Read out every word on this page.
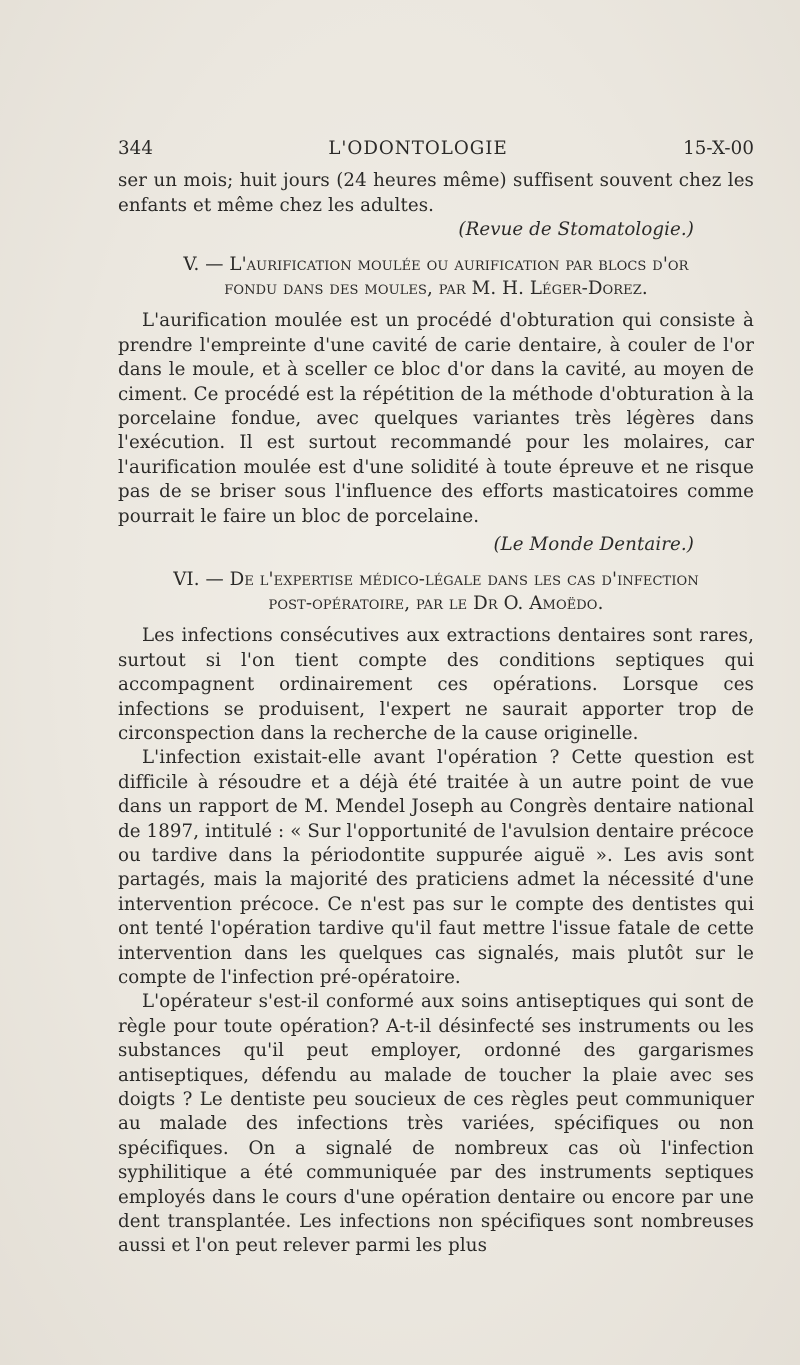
344	L'ODONTOLOGIE	15-X-00

ser un mois; huit jours (24 heures même) suffisent souvent chez les enfants et même chez les adultes.

(Revue de Stomatologie.)

V. — L'aurification moulée ou aurification par blocs d'or
fondu dans des moules, par M. H. Léger-Dorez.

L'aurification moulée est un procédé d'obturation qui consiste à prendre l'empreinte d'une cavité de carie dentaire, à couler de l'or dans le moule, et à sceller ce bloc d'or dans la cavité, au moyen de ciment. Ce procédé est la répétition de la méthode d'obturation à la porcelaine fondue, avec quelques variantes très légères dans l'exécution. Il est surtout recommandé pour les molaires, car l'aurification moulée est d'une solidité à toute épreuve et ne risque pas de se briser sous l'influence des efforts masticatoires comme pourrait le faire un bloc de porcelaine.

(Le Monde Dentaire.)

VI. — De l'expertise médico-légale dans les cas d'infection
post-opératoire, par le Dr O. Amoëdo.

Les infections consécutives aux extractions dentaires sont rares, surtout si l'on tient compte des conditions septiques qui accompagnent ordinairement ces opérations. Lorsque ces infections se produisent, l'expert ne saurait apporter trop de circonspection dans la recherche de la cause originelle.

L'infection existait-elle avant l'opération ? Cette question est difficile à résoudre et a déjà été traitée à un autre point de vue dans un rapport de M. Mendel Joseph au Congrès dentaire national de 1897, intitulé : « Sur l'opportunité de l'avulsion dentaire précoce ou tardive dans la périodontite suppurée aiguë ». Les avis sont partagés, mais la majorité des praticiens admet la nécessité d'une intervention précoce. Ce n'est pas sur le compte des dentistes qui ont tenté l'opération tardive qu'il faut mettre l'issue fatale de cette intervention dans les quelques cas signalés, mais plutôt sur le compte de l'infection pré-opératoire.

L'opérateur s'est-il conformé aux soins antiseptiques qui sont de règle pour toute opération? A-t-il désinfecté ses instruments ou les substances qu'il peut employer, ordonné des gargarismes antiseptiques, défendu au malade de toucher la plaie avec ses doigts ? Le dentiste peu soucieux de ces règles peut communiquer au malade des infections très variées, spécifiques ou non spécifiques. On a signalé de nombreux cas où l'infection syphilitique a été communiquée par des instruments septiques employés dans le cours d'une opération dentaire ou encore par une dent transplantée. Les infections non spécifiques sont nombreuses aussi et l'on peut relever parmi les plus
